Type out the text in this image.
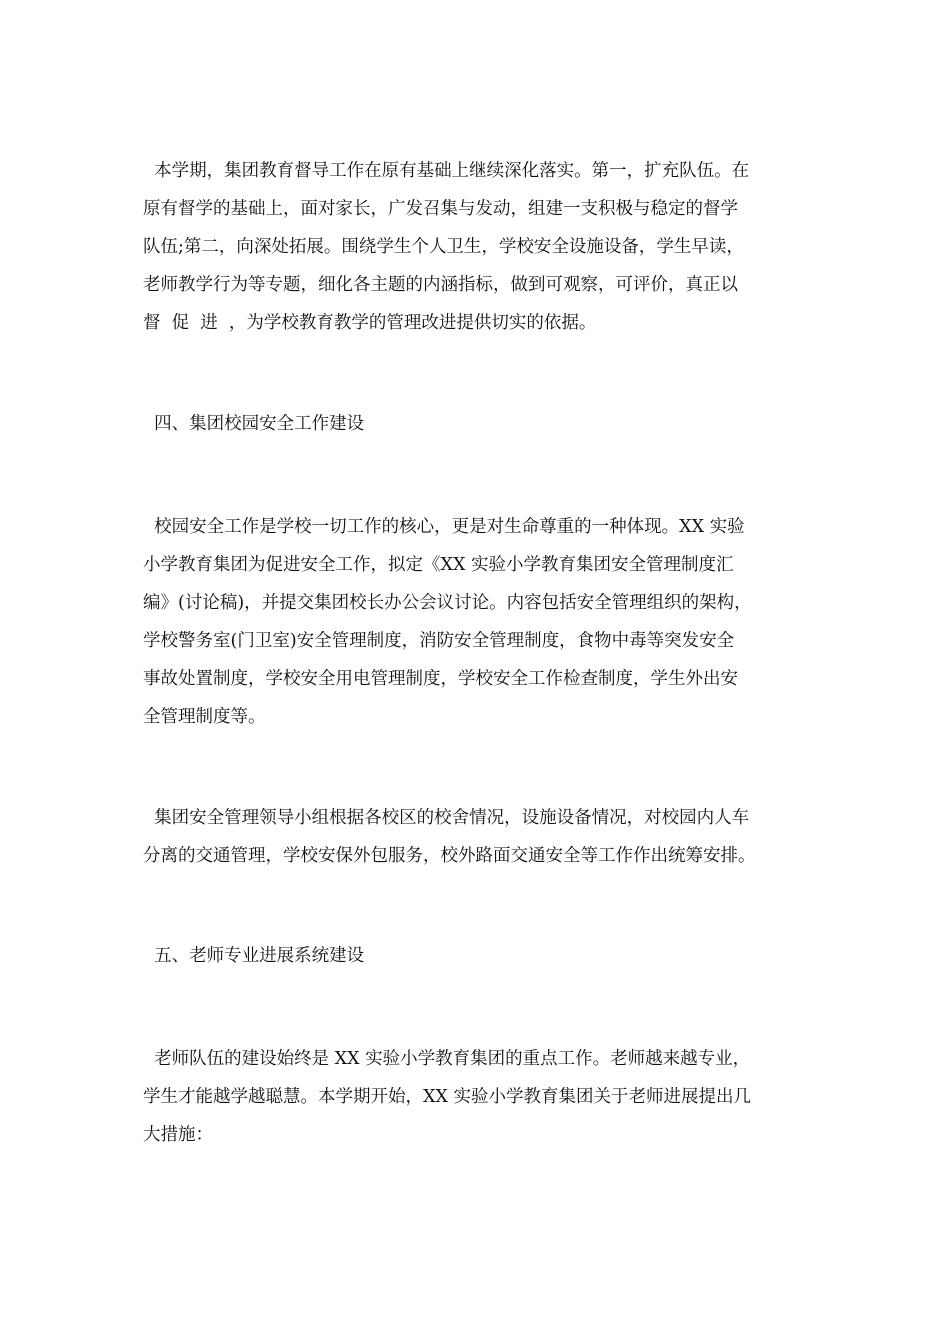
本学期，集团教育督导工作在原有基础上继续深化落实。第一，扩充队伍。在
原有督学的基础上，面对家长，广发召集与发动，组建一支积极与稳定的督学
队伍;第二，向深处拓展。围绕学生个人卫生，学校安全设施设备，学生早读，
老师教学行为等专题，细化各主题的内涵指标，做到可观察，可评价，真正以
督  促  进  ，为学校教育教学的管理改进提供切实的依据。
四、集团校园安全工作建设
校园安全工作是学校一切工作的核心，更是对生命尊重的一种体现。XX 实验
小学教育集团为促进安全工作，拟定《XX 实验小学教育集团安全管理制度汇
编》(讨论稿)，并提交集团校长办公会议讨论。内容包括安全管理组织的架构，
学校警务室(门卫室)安全管理制度，消防安全管理制度，食物中毒等突发安全
事故处置制度，学校安全用电管理制度，学校安全工作检查制度，学生外出安
全管理制度等。
集团安全管理领导小组根据各校区的校舍情况，设施设备情况，对校园内人车
分离的交通管理，学校安保外包服务，校外路面交通安全等工作作出统筹安排。
五、老师专业进展系统建设
老师队伍的建设始终是 XX 实验小学教育集团的重点工作。老师越来越专业，
学生才能越学越聪慧。本学期开始，XX 实验小学教育集团关于老师进展提出几
大措施：
